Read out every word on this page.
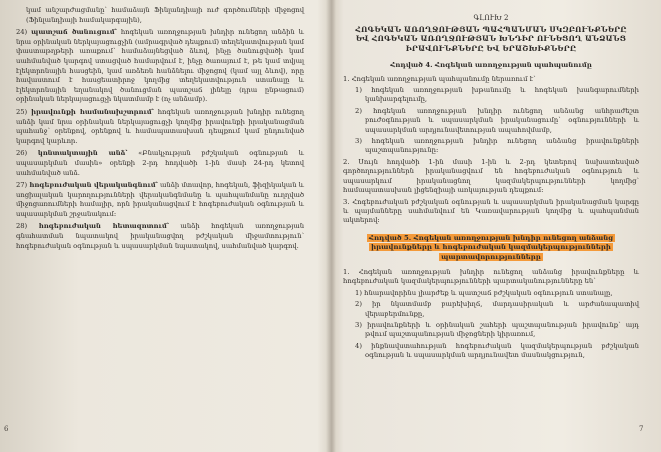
կամ անշարժացմանը՝ համաձայն Ֆինլանդիայի ուժ գործումների միջոցով (Ֆինլանդիայի համակարգային),

24) պատշաճ ծանուցում՝ հոգեկան առողջության խնդիր ունեցող անձին և նրա օրինական ներկայացուցչին (ամրագրված դեպքում) տեղեկատվության կամ փաստաթղթերի առաքում՝ համաձայնեցված ձևով, ինչը ծանուցվածի կամ սահմանված կարգով ստացված համարվում է, ինչը ծառայում է, թե կամ տվյալ էլեկտրոնային հասցեին, կամ առձեռն հանձնելու միջոցով (կամ այլ ձևով), որը հավաստում է հասցեատիրոջ կողմից տեղեկատվություն ստանալը և էլեկտրոնային եղանակով ծանուցման պատշաճ լինելը (դրա ընթացում) օրինական ներկայացուցչի նկատմամբ է (ոչ անձամբ).

25) իրավունքի համանախշտրում՝ հոգեկան առողջության խնդիր ունեցող անձի կամ նրա օրինական ներկայացուցչի կողմից իրավունքի իրականացման պահանջ՝ օրենքով, օրենքով և համապատասխան դեպքում կամ ընդունված կարգով կարևոր.

26) կոնտակտային անձ՝ «Բնակչության բժշկական օգնության և սպասարկման մասին» օրենքի 2-րդ հոդվածի 1-ին մասի 24-րդ կետով սահմանված անձ.

27) հոգեբուժական վերականգնում՝ անձի մտավոր, հոգեկան, ֆիզիկական և սոցիալական կարողությունների վերականգնմանը և պահպանմանը ուղղված միջոցառումների համալիր, որն իրականացվում է հոգեբուժական օգնության և սպասարկման շրջանակում։

28) հոգեբուժական հետազոտում՝ անձի հոգեկան առողջության գնահատման նպատակով իրականացվող բժշկական միջամտություն՝ հոգեբուժական օգնության և սպասարկման նպատակով, սահմանված կարգով.

6
ԳԼՈՒԽ 2
ՀՈԳԵԿԱՆ ԱՌՈՂՋՈՒԹՅԱՆ ՊԱՀՊԱՆՄԱՆ ՍԿԶԲՈՒՆՔՆԵՐԸ ԵՎ ՀՈԳԵԿԱՆ ԱՌՈՂՋՈՒԹՅԱՆ ԽՆԴԻՐ ՈՒՆԵՑՈՂ ԱՆՁԱՆՑ ԻՐԱՎՈՒՆՔՆԵՐԸ ԵՎ ԵՐԱՇԽԻՔՆԵՐԸ
Հոդված 4. Հոգեկան առողջության պահպանումը

1. Հոգեկան առողջության պահպանումը ներառում է՝

1) հոգեկան առողջության խթանումը և հոգեկան խանգարումների կանխարգելումը,

2) հոգեկան առողջության խնդիր ունեցող անձանց անհրաժեշտ բուժօգնության և սպասարկման իրականացումը՝ օգնությունների և սպասարկման արդյունավետության ապահովմամբ,

3) հոգեկան առողջության խնդիր ունեցող անձանց իրավունքների պաշտպանությունը։

2. Սույն հոդվածի 1-ին մասի 1-ին և 2-րդ կետերով նախատեսված գործողություններն իրականացվում են հոգեբուժական օգնություն և սպասարկում իրականացնող կազմակերպությունների կողմից՝ համապատասխան լիցենզիայի առկայության դեպքում։

3. Հոգեբուժական բժշկական օգնության և սպասարկման իրականացման կարգը և պայմանները սահմանվում են Կառավարության կողմից և պահպանման ակտերով։

Հոդված 5. Հոգեկան առողջության խնդիր ունեցող անձանց իրավունքները և հոգեբուժական կազմակերպությունների պարտավորությունները

1. Հոգեկան առողջության խնդիր ունեցող անձանց իրավունքները և հոգեբուժական կազմակերպությունների պարտականությունները են՝

1) հնարավորինս լիարժեք և պատշաճ բժշկական օգնություն ստանալը,

2) իր նկատմամբ բարեխիղճ, մարդասիրական և արժանապատիվ վերաբերմունքը,

3) իրավունքների և օրինական շահերի պաշտպանության իրավունք՝ այդ թվում պաշտպանության միջոցների կիրառում,

4) ինքնավստահության հոգեբուժական կազմակերպության բժշկական օգնության և սպասարկման արդյունավետ մասնակցություն,

7
